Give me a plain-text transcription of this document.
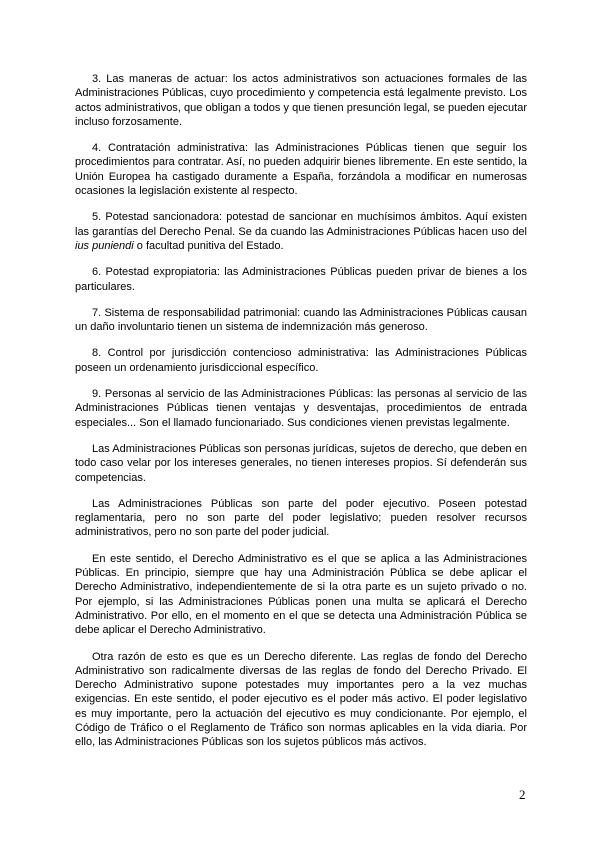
3. Las maneras de actuar: los actos administrativos son actuaciones formales de las Administraciones Públicas, cuyo procedimiento y competencia está legalmente previsto. Los actos administrativos, que obligan a todos y que tienen presunción legal, se pueden ejecutar incluso forzosamente.

4. Contratación administrativa: las Administraciones Públicas tienen que seguir los procedimientos para contratar. Así, no pueden adquirir bienes libremente. En este sentido, la Unión Europea ha castigado duramente a España, forzándola a modificar en numerosas ocasiones la legislación existente al respecto.

5. Potestad sancionadora: potestad de sancionar en muchísimos ámbitos. Aquí existen las garantías del Derecho Penal. Se da cuando las Administraciones Públicas hacen uso del ius puniendi o facultad punitiva del Estado.

6. Potestad expropiatoria: las Administraciones Públicas pueden privar de bienes a los particulares.

7. Sistema de responsabilidad patrimonial: cuando las Administraciones Públicas causan un daño involuntario tienen un sistema de indemnización más generoso.

8. Control por jurisdicción contencioso administrativa: las Administraciones Públicas poseen un ordenamiento jurisdiccional específico.

9. Personas al servicio de las Administraciones Públicas: las personas al servicio de las Administraciones Públicas tienen ventajas y desventajas, procedimientos de entrada especiales... Son el llamado funcionariado. Sus condiciones vienen previstas legalmente.

Las Administraciones Públicas son personas jurídicas, sujetos de derecho, que deben en todo caso velar por los intereses generales, no tienen intereses propios. Sí defenderán sus competencias.

Las Administraciones Públicas son parte del poder ejecutivo. Poseen potestad reglamentaria, pero no son parte del poder legislativo; pueden resolver recursos administrativos, pero no son parte del poder judicial.

En este sentido, el Derecho Administrativo es el que se aplica a las Administraciones Públicas. En principio, siempre que hay una Administración Pública se debe aplicar el Derecho Administrativo, independientemente de si la otra parte es un sujeto privado o no. Por ejemplo, si las Administraciones Públicas ponen una multa se aplicará el Derecho Administrativo. Por ello, en el momento en el que se detecta una Administración Pública se debe aplicar el Derecho Administrativo.

Otra razón de esto es que es un Derecho diferente. Las reglas de fondo del Derecho Administrativo son radicalmente diversas de las reglas de fondo del Derecho Privado. El Derecho Administrativo supone potestades muy importantes pero a la vez muchas exigencias. En este sentido, el poder ejecutivo es el poder más activo. El poder legislativo es muy importante, pero la actuación del ejecutivo es muy condicionante. Por ejemplo, el Código de Tráfico o el Reglamento de Tráfico son normas aplicables en la vida diaria. Por ello, las Administraciones Públicas son los sujetos públicos más activos.

2
